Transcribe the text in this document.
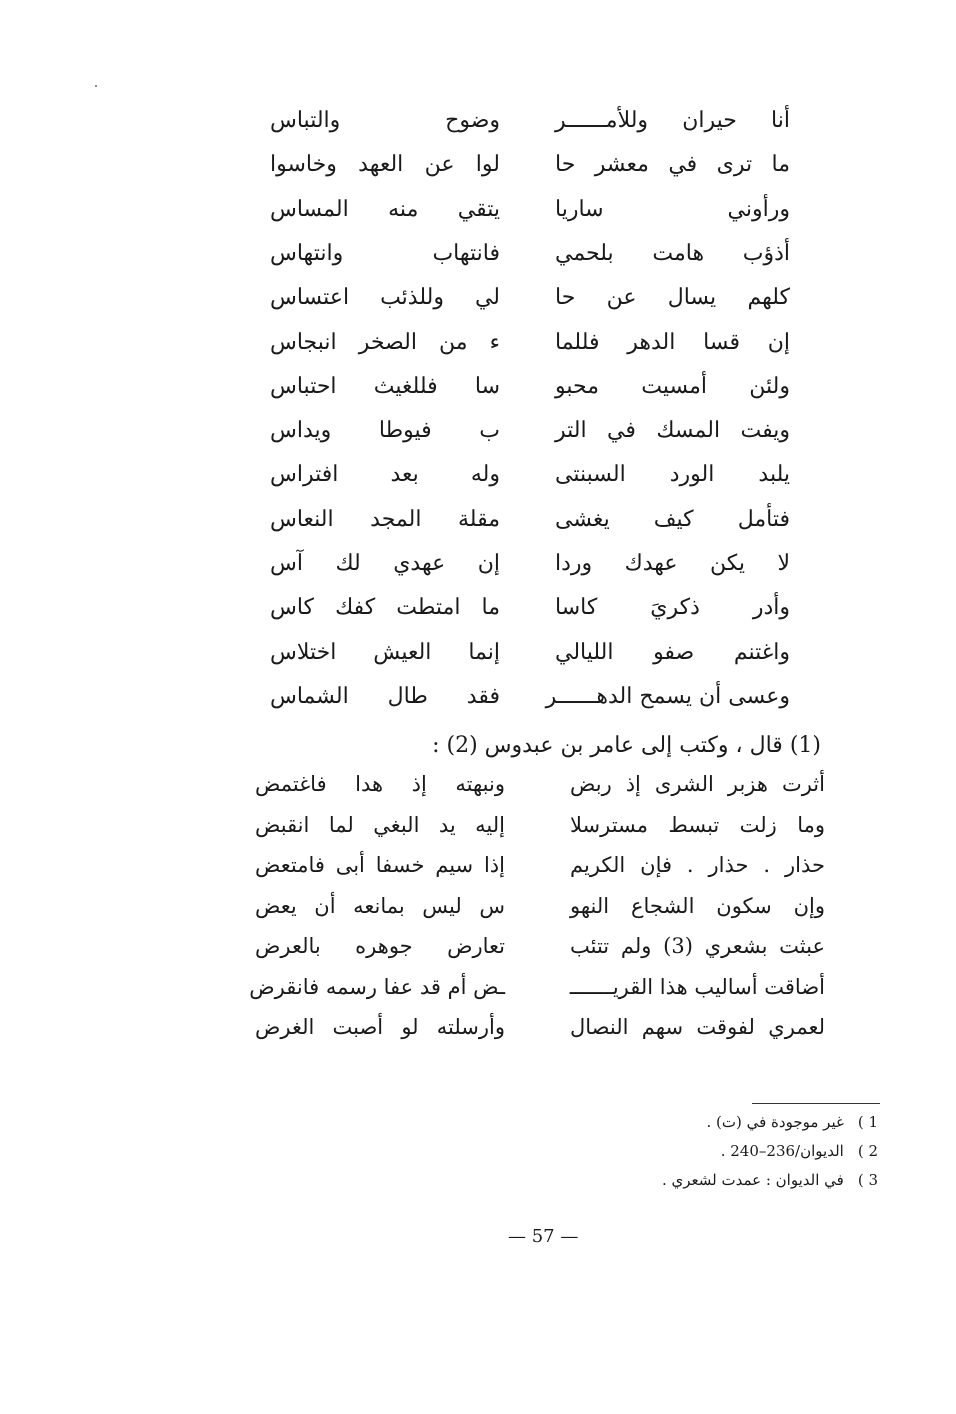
أنا حيران وللأمــــــر
وضوح والتباس
ما ترى في معشر حا
لوا عن العهد وخاسوا
ورأوني ساريا
يتقي منه المساس
أذؤب هامت بلحمي
فانتهاب وانتهاس
كلهم يسال عن حا
لي وللذئب اعتساس
إن قسا الدهر فللما
ء من الصخر انبجاس
ولئن أمسيت محبو
سا فللغيث احتباس
ويفت المسك في التر
ب فيوطا ويداس
يلبد الورد السبنتى
وله بعد افتراس
فتأمل كيف يغشى
مقلة المجد النعاس
لا يكن عهدك وردا
إن عهدي لك آس
وأدر ذكريَ كاسا
ما امتطت كفك كاس
واغتنم صفو الليالي
إنما العيش اختلاس
وعسى أن يسمح الدهــــــر
فقد طال الشماس
(1) قال ، وكتب إلى عامر بن عبدوس (2) :
أثرت هزبر الشرى إذ ربض
ونبهته إذ هدا فاغتمض
وما زلت تبسط مسترسلا
إليه يد البغي لما انقبض
حذار . حذار . فإن الكريم
إذا سيم خسفا أبى فامتعض
وإن سكون الشجاع النهو
س ليس بمانعه أن يعض
عبثت بشعري (3) ولم تتئب
تعارض جوهره بالعرض
أضاقت أساليب هذا القريـــــــ
ـض أم قد عفا رسمه فانقرض
لعمري لفوقت سهم النصال
وأرسلته لو أصبت الغرض
1 )
غير موجودة في (ت) .
2 )
الديوان/236–240 .
3 )
في الديوان : عمدت لشعري .
— 57 —
